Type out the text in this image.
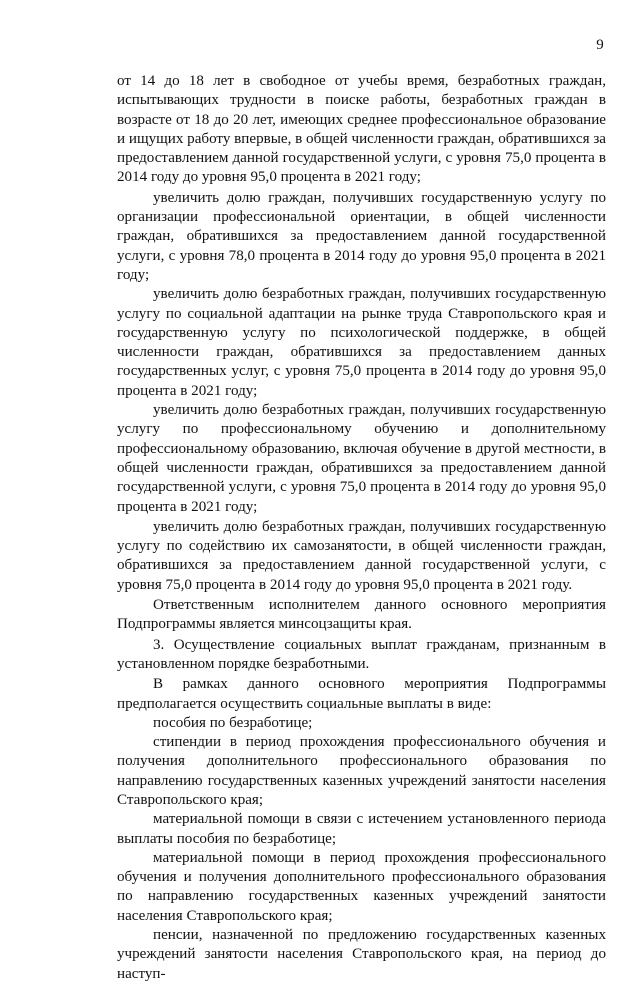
9

от 14 до 18 лет в свободное от учебы время, безработных граждан, испытывающих трудности в поиске работы, безработных граждан в возрасте от 18 до 20 лет, имеющих среднее профессиональное образование и ищущих работу впервые, в общей численности граждан, обратившихся за предоставлением данной государственной услуги, с уровня 75,0 процента в 2014 году до уровня 95,0 процента в 2021 году;

увеличить долю граждан, получивших государственную услугу по организации профессиональной ориентации, в общей численности граждан, обратившихся за предоставлением данной государственной услуги, с уровня 78,0 процента в 2014 году до уровня 95,0 процента в 2021 году;

увеличить долю безработных граждан, получивших государственную услугу по социальной адаптации на рынке труда Ставропольского края и государственную услугу по психологической поддержке, в общей численности граждан, обратившихся за предоставлением данных государственных услуг, с уровня 75,0 процента в 2014 году до уровня 95,0 процента в 2021 году;

увеличить долю безработных граждан, получивших государственную услугу по профессиональному обучению и дополнительному профессиональному образованию, включая обучение в другой местности, в общей численности граждан, обратившихся за предоставлением данной государственной услуги, с уровня 75,0 процента в 2014 году до уровня 95,0 процента в 2021 году;

увеличить долю безработных граждан, получивших государственную услугу по содействию их самозанятости, в общей численности граждан, обратившихся за предоставлением данной государственной услуги, с уровня 75,0 процента в 2014 году до уровня 95,0 процента в 2021 году.

Ответственным исполнителем данного основного мероприятия Подпрограммы является минсоцзащиты края.

3. Осуществление социальных выплат гражданам, признанным в установленном порядке безработными.

В рамках данного основного мероприятия Подпрограммы предполагается осуществить социальные выплаты в виде:

пособия по безработице;

стипендии в период прохождения профессионального обучения и получения дополнительного профессионального образования по направлению государственных казенных учреждений занятости населения Ставропольского края;

материальной помощи в связи с истечением установленного периода выплаты пособия по безработице;

материальной помощи в период прохождения профессионального обучения и получения дополнительного профессионального образования по направлению государственных казенных учреждений занятости населения Ставропольского края;

пенсии, назначенной по предложению государственных казенных учреждений занятости населения Ставропольского края, на период до наступ-
